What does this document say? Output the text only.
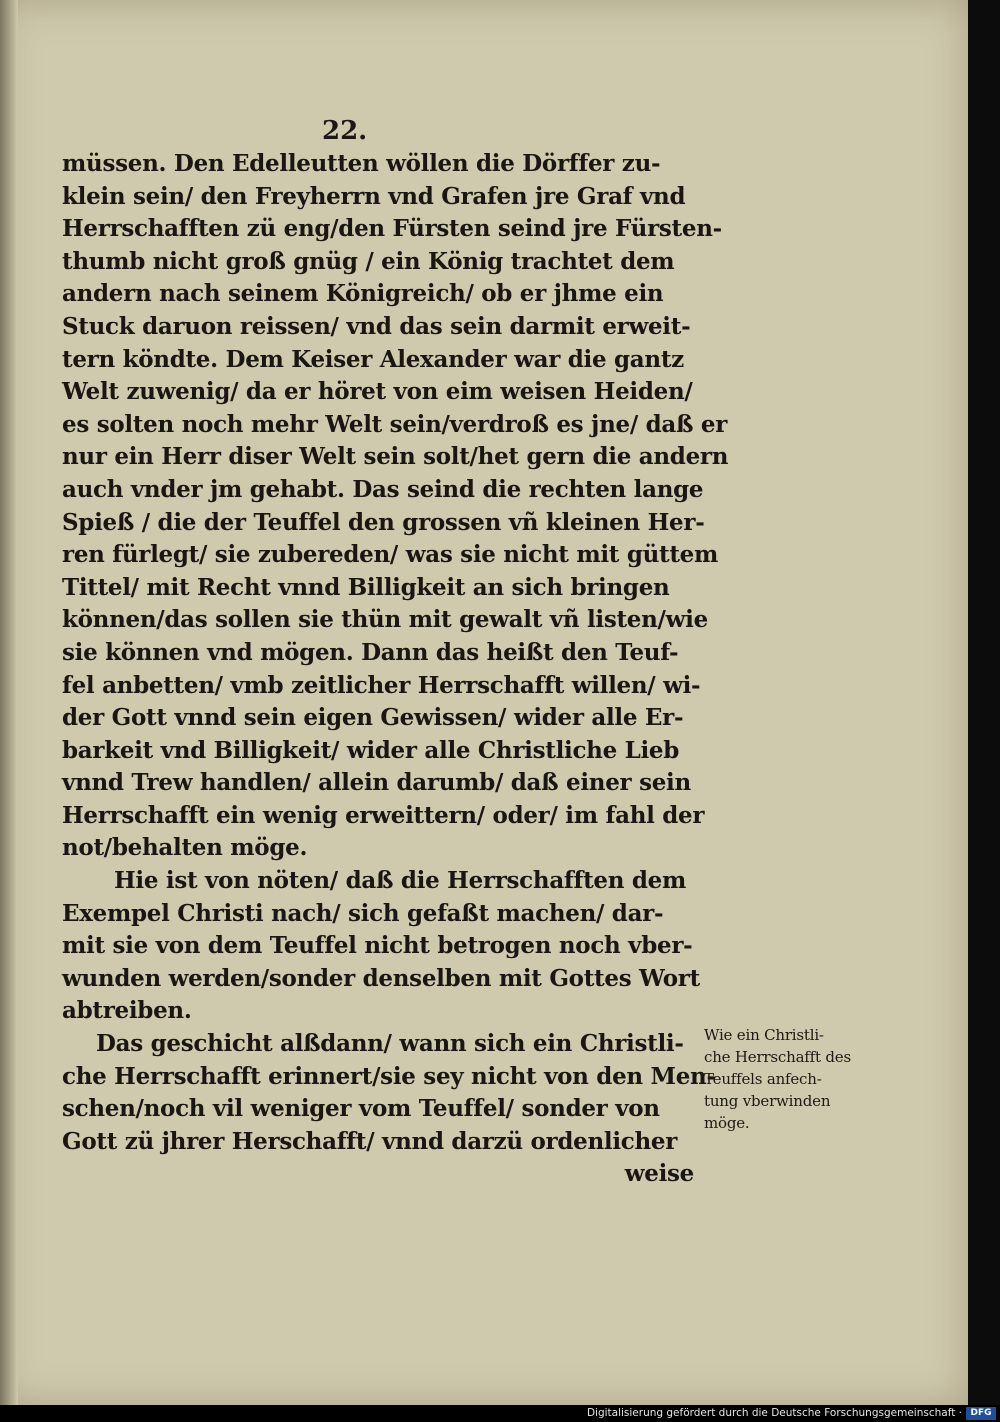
22.
müssen. Den Edelleutten wöllen die Dörffer zu-
klein sein/ den Freyherrn vnd Grafen jre Graf vnd
Herrschafften zü eng/den Fürsten seind jre Fürsten-
thumb nicht groß gnüg / ein König trachtet dem
andern nach seinem Königreich/ ob er jhme ein
Stuck daruon reissen/ vnd das sein darmit erweit-
tern köndte. Dem Keiser Alexander war die gantz
Welt zuwenig/ da er höret von eim weisen Heiden/
es solten noch mehr Welt sein/verdroß es jne/ daß er
nur ein Herr diser Welt sein solt/het gern die andern
auch vnder jm gehabt. Das seind die rechten lange
Spieß / die der Teuffel den grossen vñ kleinen Her-
ren fürlegt/ sie zubereden/ was sie nicht mit güttem
Tittel/ mit Recht vnnd Billigkeit an sich bringen
können/das sollen sie thün mit gewalt vñ listen/wie
sie können vnd mögen. Dann das heißt den Teuf-
fel anbetten/ vmb zeitlicher Herrschafft willen/ wi-
der Gott vnnd sein eigen Gewissen/ wider alle Er-
barkeit vnd Billigkeit/ wider alle Christliche Lieb
vnnd Trew handlen/ allein darumb/ daß einer sein
Herrschafft ein wenig erweittern/ oder/ im fahl der
not/behalten möge.
Hie ist von nöten/ daß die Herrschafften dem
Exempel Christi nach/ sich gefaßt machen/ dar-
mit sie von dem Teuffel nicht betrogen noch vber-
wunden werden/sonder denselben mit Gottes Wort
abtreiben.
Das geschicht alßdann/ wann sich ein Christli-
che Herrschafft erinnert/sie sey nicht von den Men-
schen/noch vil weniger vom Teuffel/ sonder von
Gott zü jhrer Herschafft/ vnnd darzü ordenlicher
weise
Wie ein Christli-
che Herrschafft des
Teuffels anfech-
tung vberwinden
möge.
Digitalisierung gefördert durch die Deutsche Forschungsgemeinschaft · DFG
